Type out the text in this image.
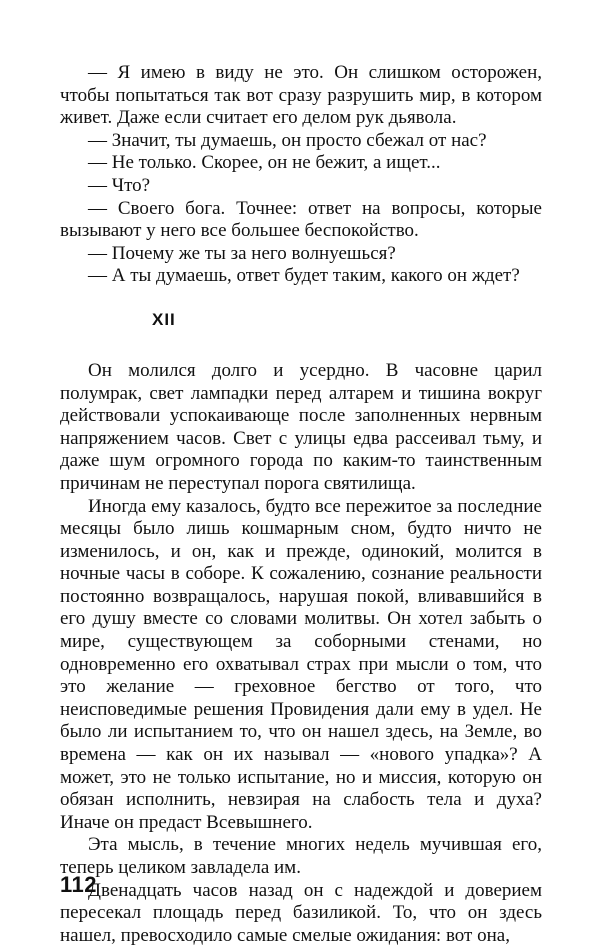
— Я имею в виду не это. Он слишком осторожен, чтобы попытаться так вот сразу разрушить мир, в котором живет. Даже если считает его делом рук дьявола.

— Значит, ты думаешь, он просто сбежал от нас?

— Не только. Скорее, он не бежит, а ищет...

— Что?

— Своего бога. Точнее: ответ на вопросы, которые вызывают у него все большее беспокойство.

— Почему же ты за него волнуешься?

— А ты думаешь, ответ будет таким, какого он ждет?

XII

Он молился долго и усердно. В часовне царил полумрак, свет лампадки перед алтарем и тишина вокруг действовали успокаивающе после заполненных нервным напряжением часов. Свет с улицы едва рассеивал тьму, и даже шум огромного города по каким-то таинственным причинам не переступал порога святилища.

Иногда ему казалось, будто все пережитое за последние месяцы было лишь кошмарным сном, будто ничто не изменилось, и он, как и прежде, одинокий, молится в ночные часы в соборе. К сожалению, сознание реальности постоянно возвращалось, нарушая покой, вливавшийся в его душу вместе со словами молитвы. Он хотел забыть о мире, существующем за соборными стенами, но одновременно его охватывал страх при мысли о том, что это желание — греховное бегство от того, что неисповедимые решения Провидения дали ему в удел. Не было ли испытанием то, что он нашел здесь, на Земле, во времена — как он их называл — «нового упадка»? А может, это не только испытание, но и миссия, которую он обязан исполнить, невзирая на слабость тела и духа? Иначе он предаст Всевышнего.

Эта мысль, в течение многих недель мучившая его, теперь целиком завладела им.

Двенадцать часов назад он с надеждой и доверием пересекал площадь перед базиликой. То, что он здесь нашел, превосходило самые смелые ожидания: вот она,

112
